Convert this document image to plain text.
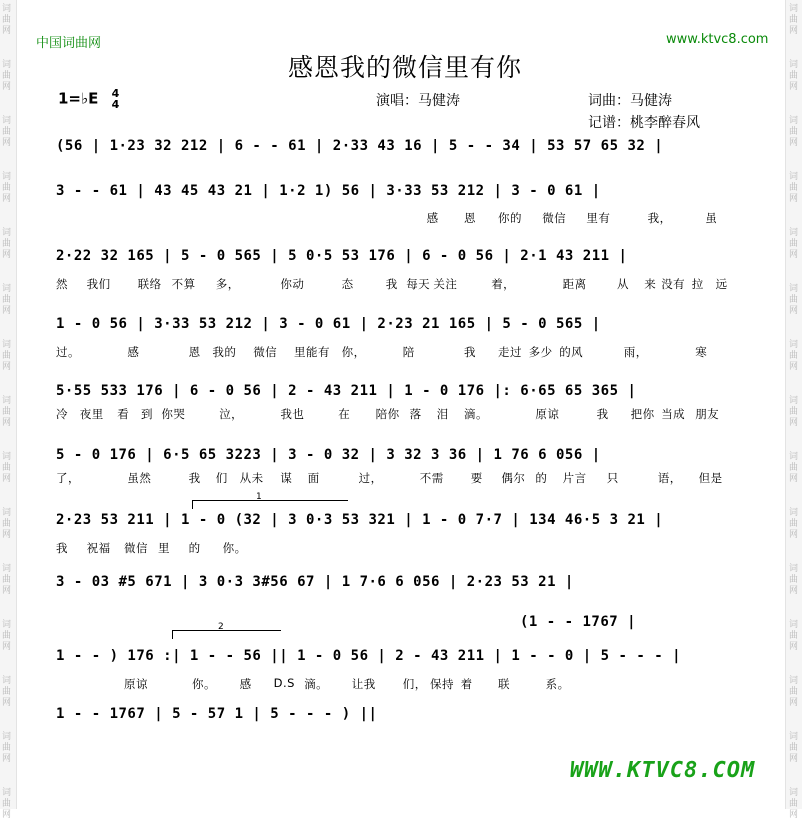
词
曲
网
词
曲
网
词
曲
网
词
曲
网
词
曲
网
词
曲
网
词
曲
网
词
曲
网
词
曲
网
词
曲
网
词
曲
网
词
曲
网
词
曲
网
词
曲
网
词
曲
网
词
曲
网
词
曲
网
词
曲
网
词
曲
网
词
曲
网
词
曲
网
词
曲
网
词
曲
网
词
曲
网
词
曲
网
词
曲
网
词
曲
网
词
曲
网
词
曲
网
词
曲
网
中国词曲网	www.ktvc8.com
感恩我的微信里有你
1=♭E 4
4	演唱：马健涛	词曲：马健涛
记谱：桃李醉春风
(56 | 1·23 32 212 | 6 - - 61 | 2·33 43 16 | 5 - - 34 | 53 57 65 32 |
3 - - 61 | 43 45 43 21 | 1·2 1) 56 | 3·33 53 212 | 3 - 0 61 |
感 恩 你的 微信 里有	我，	虽
2·22 32 165 | 5 - 0 565 | 5 0·5 53 176 | 6 - 0 56 | 2·1 43 211 |
然 我们 联络 不算 多，	你动	态	我 每天 关注	着，	距离	从 来 没有 拉 远
1 - 0 56 | 3·33 53 212 | 3 - 0 61 | 2·23 21 165 | 5 - 0 565 |
过。	感	恩 我的 微信 里能有 你，	陪	我 走过 多少 的风	雨，	寒
5·55 533 176 | 6 - 0 56 | 2 - 43 211 | 1 - 0 176 |: 6·65 65 365 |
冷 夜里 看 到 你哭	泣，	我也	在 陪你 落 泪 滴。	原谅	我 把你 当成 朋友
5 - 0 176 | 6·5 65 3223 | 3 - 0 32 | 3 32 3 36 | 1 76 6 056 |
了，	虽然	我 们 从未 谋 面	过，	不需 要 偶尔 的 片言 只	语， 但是
2·23 53 211 | 1 - 0 (32 | 3 0·3 53 321 | 1 - 0 7·7 | 134 46·5 3 21 |
我 祝福 微信 里 的 你。
3 - 03 #5 671 | 3 0·3 3#56 67 | 1 7·6 6 056 | 2·23 53 21 |
(1 - - 1767 |
1 - - ) 176 :| 1 - - 56 || 1 - 0 56 | 2 - 43 211 | 1 - - 0 | 5 - - - |
原谅	你。 感 D.S 滴。 让我 们， 保持 着 联	系。
1 - - 1767 | 5 - 57 1 | 5 - - - ) ||
1
2
WWW.KTVC8.COM
